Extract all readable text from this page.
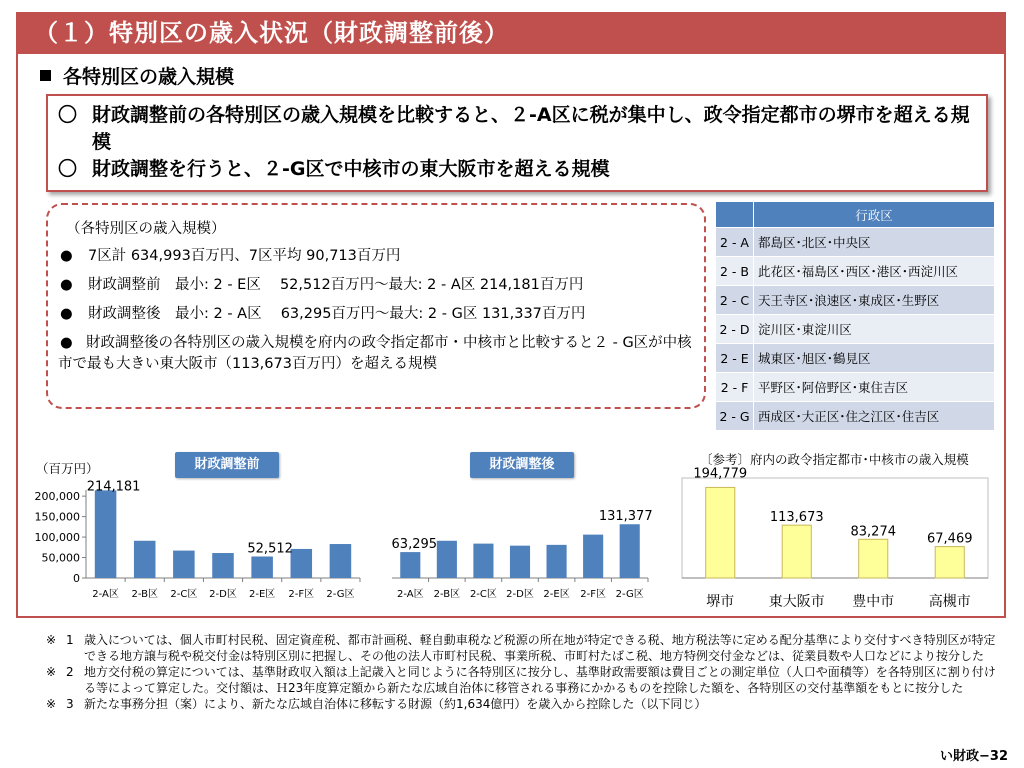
（１）特別区の歳入状況（財政調整前後）
各特別区の歳入規模
〇 財政調整前の各特別区の歳入規模を比較すると、２-A区に税が集中し、政令指定都市の堺市を超える規模
〇 財政調整を行うと、２-G区で中核市の東大阪市を超える規模
（各特別区の歳入規模）
●	7区計 634,993百万円、7区平均 90,713百万円
●	財政調整前　最小: 2 - E区　 52,512百万円～最大: 2 - A区 214,181百万円
●	財政調整後　最小: 2 - A区　 63,295百万円～最大: 2 - G区 131,337百万円
● 財政調整後の各特別区の歳入規模を府内の政令指定都市・中核市と比較すると２ - G区が中核市で最も大きい東大阪市（113,673百万円）を超える規模
	行政区
2 - A	都島区･北区･中央区
2 - B	此花区･福島区･西区･港区･西淀川区
2 - C	天王寺区･浪速区･東成区･生野区
2 - D	淀川区･東淀川区
2 - E	城東区･旭区･鶴見区
2 - F	平野区･阿倍野区･東住吉区
2 - G	西成区･大正区･住之江区･住吉区
財政調整前	財政調整後	〔参考〕府内の政令指定都市･中核市の歳入規模
（百万円）
0
50,000
100,000
150,000
200,000
2-A区 2-B区 2-C区 2-D区 2-E区 2-F区 2-G区
214,181
52,512
2-A区 2-B区 2-C区 2-D区 2-E区 2-F区 2-G区
63,295
131,377
堺市 東大阪市 豊中市 高槻市
194,779
113,673
83,274 67,469
※ 1 歳入については、個人市町村民税、固定資産税、都市計画税、軽自動車税など税源の所在地が特定できる税、地方税法等に定める配分基準により交付すべき特別区が特定できる地方譲与税や税交付金は特別区別に把握し、その他の法人市町村民税、事業所税、市町村たばこ税、地方特例交付金などは、従業員数や人口などにより按分した
※ 2 地方交付税の算定については、基準財政収入額は上記歳入と同じように各特別区に按分し、基準財政需要額は費目ごとの測定単位（人口や面積等）を各特別区に割り付ける等によって算定した。交付額は、Ｈ23年度算定額から新たな広域自治体に移管される事務にかかるものを控除した額を、各特別区の交付基準額をもとに按分した
※ 3 新たな事務分担（案）により、新たな広域自治体に移転する財源（約1,634億円）を歳入から控除した（以下同じ）
い財政−32
